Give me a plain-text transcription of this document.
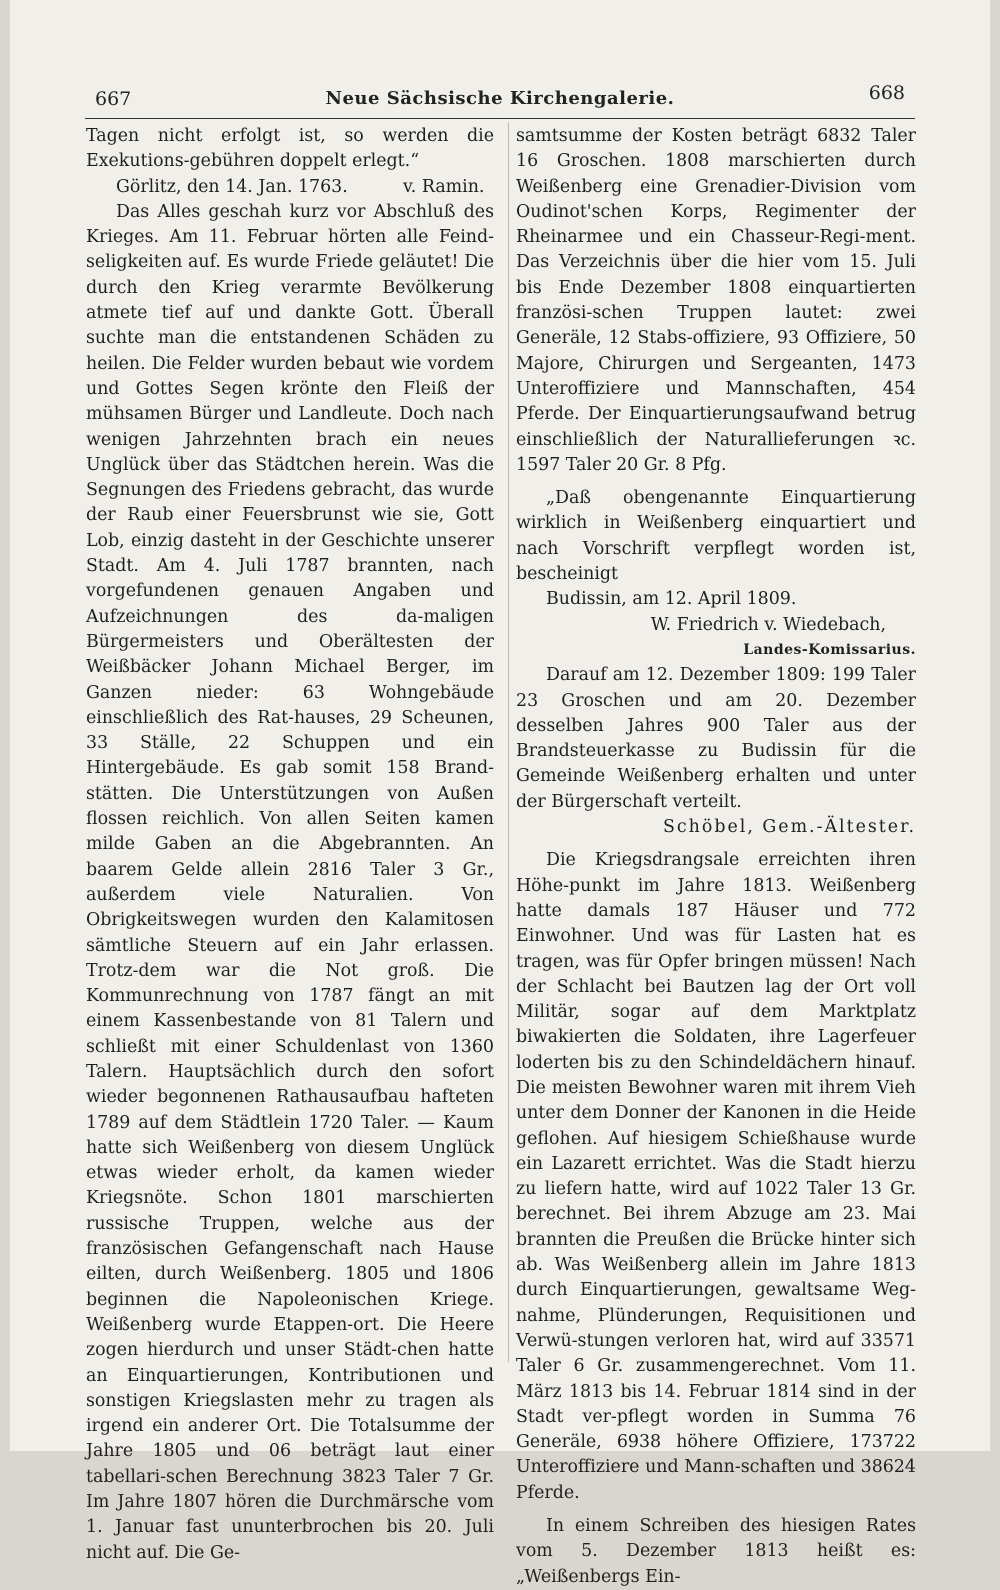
667	Neue Sächsische Kirchengalerie.	668

Tagen nicht erfolgt ist, so werden die Exekutions-gebühren doppelt erlegt.“

Görlitz, den 14. Jan. 1763.          v. Ramin.

Das Alles geschah kurz vor Abschluß des Krieges. Am 11. Februar hörten alle Feind-seligkeiten auf. Es wurde Friede geläutet! Die durch den Krieg verarmte Bevölkerung atmete tief auf und dankte Gott. Überall suchte man die entstandenen Schäden zu heilen. Die Felder wurden bebaut wie vordem und Gottes Segen krönte den Fleiß der mühsamen Bürger und Landleute. Doch nach wenigen Jahrzehnten brach ein neues Unglück über das Städtchen herein. Was die Segnungen des Friedens gebracht, das wurde der Raub einer Feuersbrunst wie sie, Gott Lob, einzig dasteht in der Geschichte unserer Stadt. Am 4. Juli 1787 brannten, nach vorgefundenen genauen Angaben und Aufzeichnungen des da-maligen Bürgermeisters und Oberältesten der Weißbäcker Johann Michael Berger, im Ganzen nieder: 63 Wohngebäude einschließlich des Rat-hauses, 29 Scheunen, 33 Ställe, 22 Schuppen und ein Hintergebäude. Es gab somit 158 Brand-stätten. Die Unterstützungen von Außen flossen reichlich. Von allen Seiten kamen milde Gaben an die Abgebrannten. An baarem Gelde allein 2816 Taler 3 Gr., außerdem viele Naturalien. Von Obrigkeitswegen wurden den Kalamitosen sämtliche Steuern auf ein Jahr erlassen. Trotz-dem war die Not groß. Die Kommunrechnung von 1787 fängt an mit einem Kassenbestande von 81 Talern und schließt mit einer Schuldenlast von 1360 Talern. Hauptsächlich durch den sofort wieder begonnenen Rathausaufbau hafteten 1789 auf dem Städtlein 1720 Taler. — Kaum hatte sich Weißenberg von diesem Unglück etwas wieder erholt, da kamen wieder Kriegsnöte. Schon 1801 marschierten russische Truppen, welche aus der französischen Gefangenschaft nach Hause eilten, durch Weißenberg. 1805 und 1806 beginnen die Napoleonischen Kriege. Weißenberg wurde Etappen-ort. Die Heere zogen hierdurch und unser Städt-chen hatte an Einquartierungen, Kontributionen und sonstigen Kriegslasten mehr zu tragen als irgend ein anderer Ort. Die Totalsumme der Jahre 1805 und 06 beträgt laut einer tabellari-schen Berechnung 3823 Taler 7 Gr. Im Jahre 1807 hören die Durchmärsche vom 1. Januar fast ununterbrochen bis 20. Juli nicht auf. Die Ge-

samtsumme der Kosten beträgt 6832 Taler 16 Groschen. 1808 marschierten durch Weißenberg eine Grenadier-Division vom Oudinot'schen Korps, Regimenter der Rheinarmee und ein Chasseur-Regi-ment. Das Verzeichnis über die hier vom 15. Juli bis Ende Dezember 1808 einquartierten französi-schen Truppen lautet: zwei Generäle, 12 Stabs-offiziere, 93 Offiziere, 50 Majore, Chirurgen und Sergeanten, 1473 Unteroffiziere und Mannschaften, 454 Pferde. Der Einquartierungsaufwand betrug einschließlich der Naturallieferungen ꝛc. 1597 Taler 20 Gr. 8 Pfg.

„Daß obengenannte Einquartierung wirklich in Weißenberg einquartiert und nach Vorschrift verpflegt worden ist, bescheinigt

Budissin, am 12. April 1809.

W. Friedrich v. Wiedebach,

Landes-Komissarius.

Darauf am 12. Dezember 1809: 199 Taler 23 Groschen und am 20. Dezember desselben Jahres 900 Taler aus der Brandsteuerkasse zu Budissin für die Gemeinde Weißenberg erhalten und unter der Bürgerschaft verteilt.

Schöbel, Gem.-Ältester.

Die Kriegsdrangsale erreichten ihren Höhe-punkt im Jahre 1813. Weißenberg hatte damals 187 Häuser und 772 Einwohner. Und was für Lasten hat es tragen, was für Opfer bringen müssen! Nach der Schlacht bei Bautzen lag der Ort voll Militär, sogar auf dem Marktplatz biwakierten die Soldaten, ihre Lagerfeuer loderten bis zu den Schindeldächern hinauf. Die meisten Bewohner waren mit ihrem Vieh unter dem Donner der Kanonen in die Heide geflohen. Auf hiesigem Schießhause wurde ein Lazarett errichtet. Was die Stadt hierzu zu liefern hatte, wird auf 1022 Taler 13 Gr. berechnet. Bei ihrem Abzuge am 23. Mai brannten die Preußen die Brücke hinter sich ab. Was Weißenberg allein im Jahre 1813 durch Einquartierungen, gewaltsame Weg-nahme, Plünderungen, Requisitionen und Verwü-stungen verloren hat, wird auf 33571 Taler 6 Gr. zusammengerechnet. Vom 11. März 1813 bis 14. Februar 1814 sind in der Stadt ver-pflegt worden in Summa 76 Generäle, 6938 höhere Offiziere, 173722 Unteroffiziere und Mann-schaften und 38624 Pferde.

In einem Schreiben des hiesigen Rates vom 5. Dezember 1813 heißt es: „Weißenbergs Ein-
